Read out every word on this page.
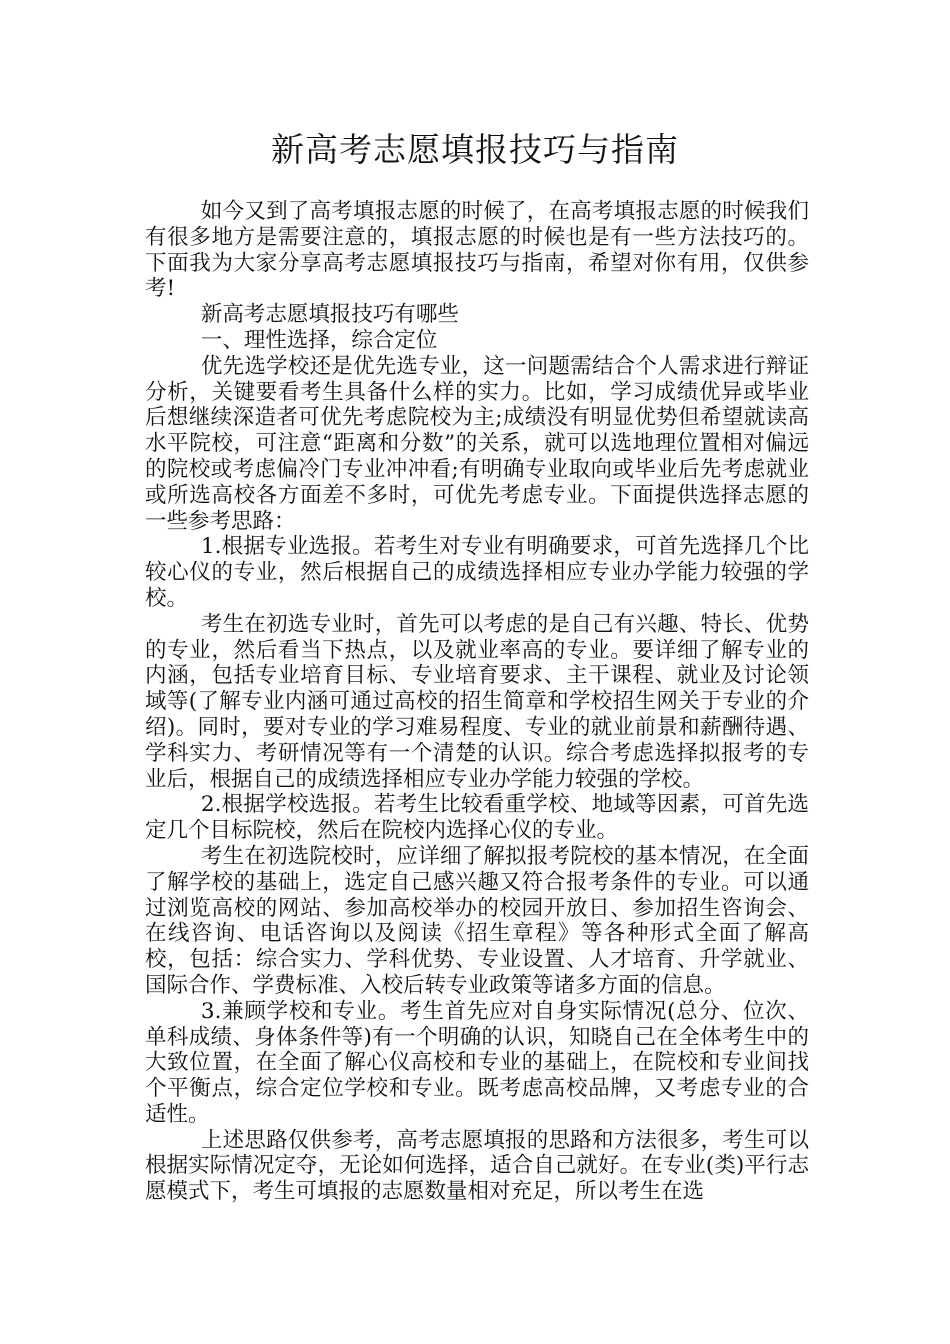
新高考志愿填报技巧与指南

如今又到了高考填报志愿的时候了，在高考填报志愿的时候我们有很多地方是需要注意的，填报志愿的时候也是有一些方法技巧的。下面我为大家分享高考志愿填报技巧与指南，希望对你有用，仅供参考!

新高考志愿填报技巧有哪些

一、理性选择，综合定位

优先选学校还是优先选专业，这一问题需结合个人需求进行辩证分析，关键要看考生具备什么样的实力。比如，学习成绩优异或毕业后想继续深造者可优先考虑院校为主;成绩没有明显优势但希望就读高水平院校，可注意“距离和分数”的关系，就可以选地理位置相对偏远的院校或考虑偏冷门专业冲冲看;有明确专业取向或毕业后先考虑就业或所选高校各方面差不多时，可优先考虑专业。下面提供选择志愿的一些参考思路：

1.根据专业选报。若考生对专业有明确要求，可首先选择几个比较心仪的专业，然后根据自己的成绩选择相应专业办学能力较强的学校。

考生在初选专业时，首先可以考虑的是自己有兴趣、特长、优势的专业，然后看当下热点，以及就业率高的专业。要详细了解专业的内涵，包括专业培育目标、专业培育要求、主干课程、就业及讨论领域等(了解专业内涵可通过高校的招生简章和学校招生网关于专业的介绍)。同时，要对专业的学习难易程度、专业的就业前景和薪酬待遇、学科实力、考研情况等有一个清楚的认识。综合考虑选择拟报考的专业后，根据自己的成绩选择相应专业办学能力较强的学校。

2.根据学校选报。若考生比较看重学校、地域等因素，可首先选定几个目标院校，然后在院校内选择心仪的专业。

考生在初选院校时，应详细了解拟报考院校的基本情况，在全面了解学校的基础上，选定自己感兴趣又符合报考条件的专业。可以通过浏览高校的网站、参加高校举办的校园开放日、参加招生咨询会、在线咨询、电话咨询以及阅读《招生章程》等各种形式全面了解高校，包括：综合实力、学科优势、专业设置、人才培育、升学就业、国际合作、学费标准、入校后转专业政策等诸多方面的信息。

3.兼顾学校和专业。考生首先应对自身实际情况(总分、位次、单科成绩、身体条件等)有一个明确的认识，知晓自己在全体考生中的大致位置，在全面了解心仪高校和专业的基础上，在院校和专业间找个平衡点，综合定位学校和专业。既考虑高校品牌，又考虑专业的合适性。

上述思路仅供参考，高考志愿填报的思路和方法很多，考生可以根据实际情况定夺，无论如何选择，适合自己就好。在专业(类)平行志愿模式下，考生可填报的志愿数量相对充足，所以考生在选
